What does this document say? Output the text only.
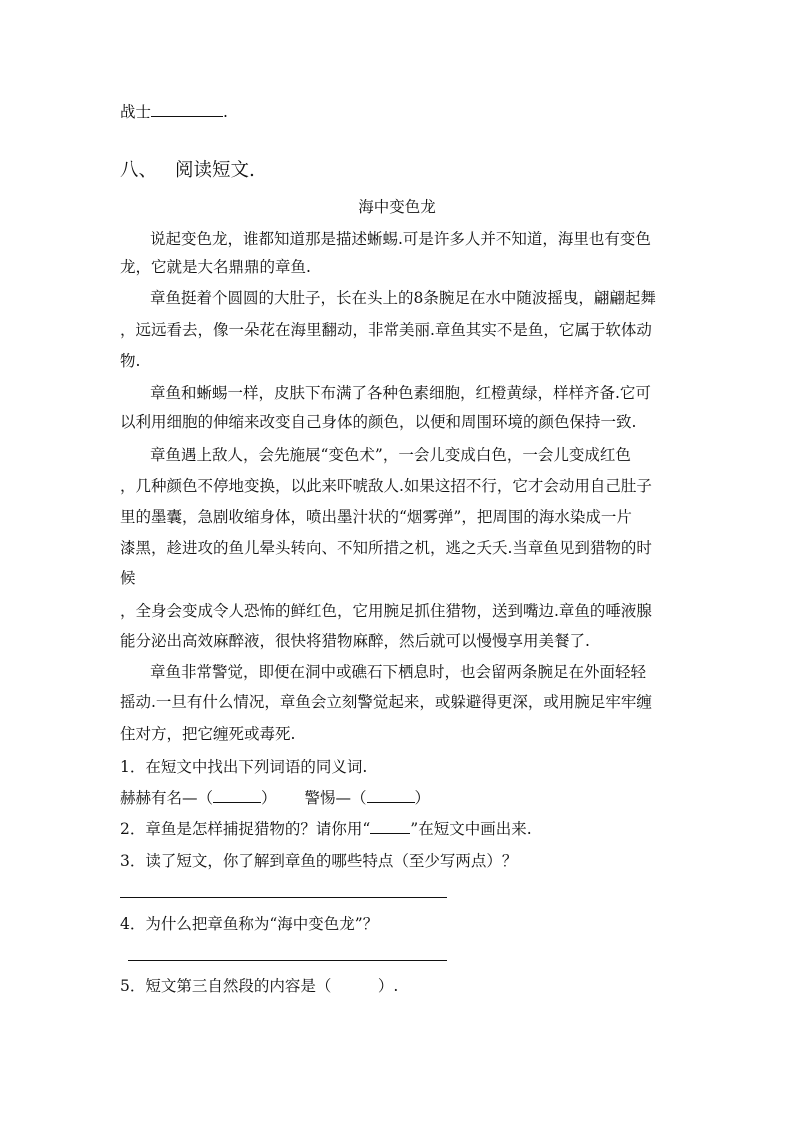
战士	.
八、 阅读短文.
海中变色龙
说起变色龙，谁都知道那是描述蜥蜴.可是许多人并不知道，海里也有变色
龙，它就是大名鼎鼎的章鱼.
章鱼挺着个圆圆的大肚子，长在头上的8条腕足在水中随波摇曳，翩翩起舞
，远远看去，像一朵花在海里翻动，非常美丽.章鱼其实不是鱼，它属于软体动
物.
章鱼和蜥蜴一样，皮肤下布满了各种色素细胞，红橙黄绿，样样齐备.它可
以利用细胞的伸缩来改变自己身体的颜色，以便和周围环境的颜色保持一致.
章鱼遇上敌人，会先施展“变色术”，一会儿变成白色，一会儿变成红色
，几种颜色不停地变换，以此来吓唬敌人.如果这招不行，它才会动用自己肚子
里的墨囊，急剧收缩身体，喷出墨汁状的“烟雾弹”，把周围的海水染成一片
漆黑，趁进攻的鱼儿晕头转向、不知所措之机，逃之夭夭.当章鱼见到猎物的时
候
，全身会变成令人恐怖的鲜红色，它用腕足抓住猎物，送到嘴边.章鱼的唾液腺
能分泌出高效麻醉液，很快将猎物麻醉，然后就可以慢慢享用美餐了.
章鱼非常警觉，即便在洞中或礁石下栖息时，也会留两条腕足在外面轻轻
摇动.一旦有什么情况，章鱼会立刻警觉起来，或躲避得更深，或用腕足牢牢缠
住对方，把它缠死或毒死.
1．在短文中找出下列词语的同义词.
赫赫有名—（	） 警惕—（	）
2．章鱼是怎样捕捉猎物的？请你用“	”在短文中画出来.
3．读了短文，你了解到章鱼的哪些特点（至少写两点）？
4．为什么把章鱼称为“海中变色龙”？
5．短文第三自然段的内容是（　　　）.
